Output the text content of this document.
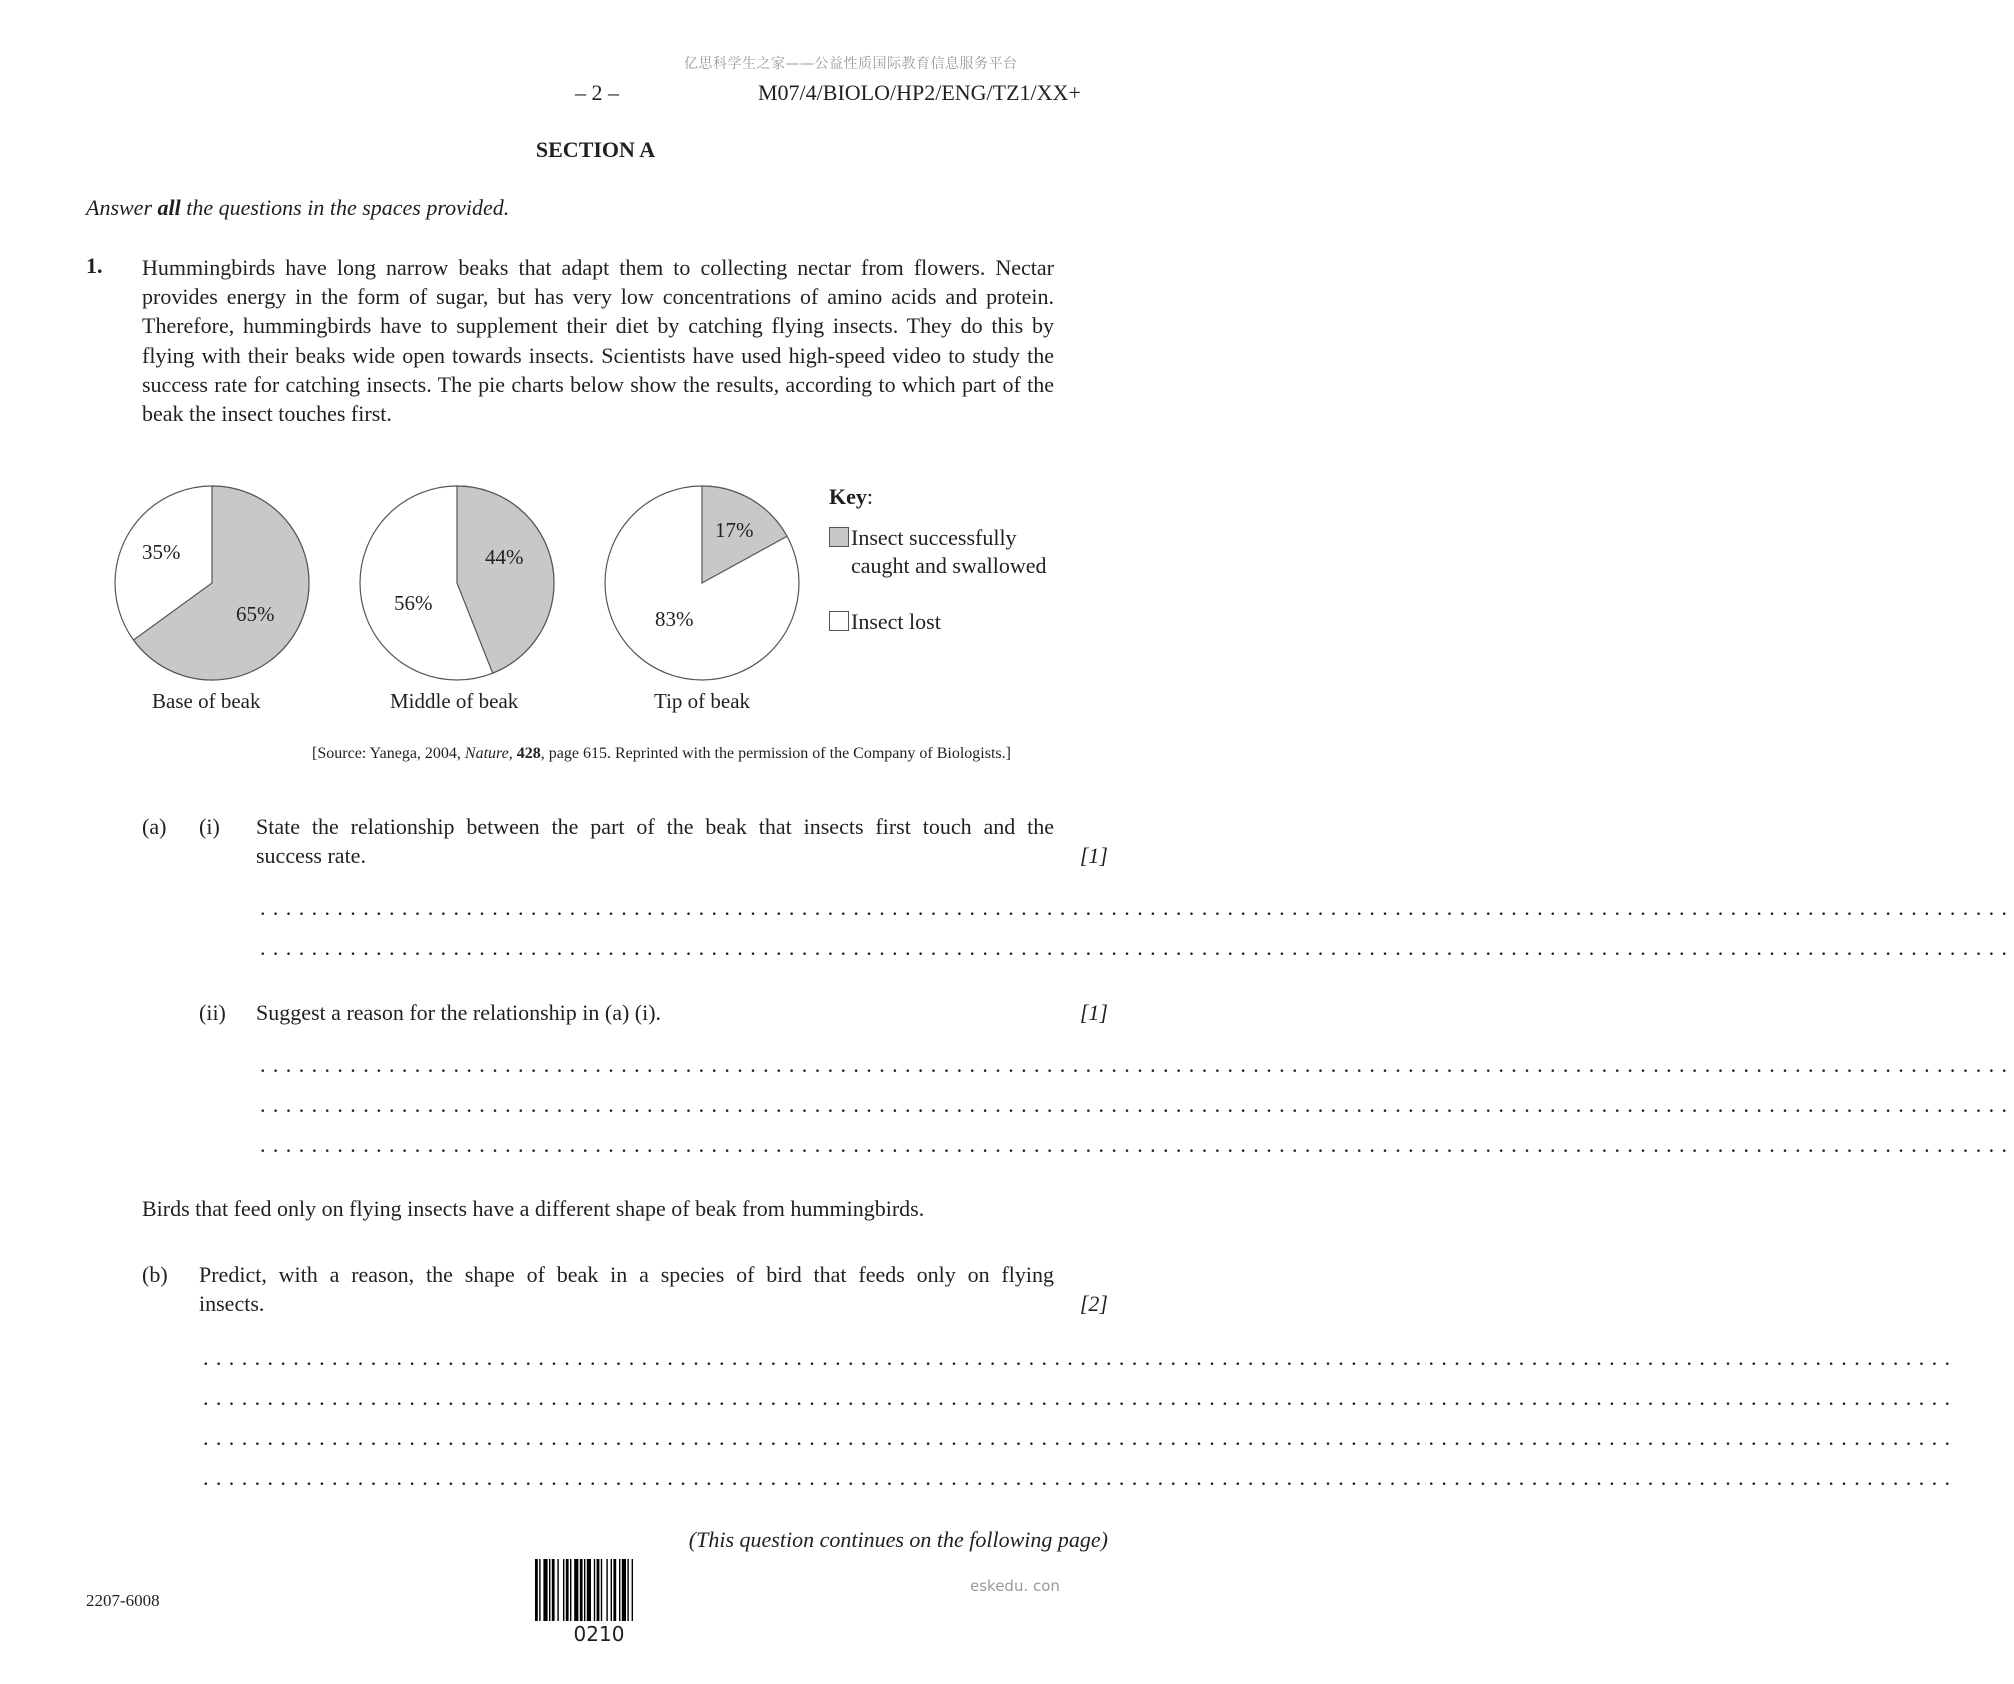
亿思科学生之家——公益性质国际教育信息服务平台
– 2 –	M07/4/BIOLO/HP2/ENG/TZ1/XX+
SECTION A
Answer all the questions in the spaces provided.
1. Hummingbirds have long narrow beaks that adapt them to collecting nectar from flowers. Nectar provides energy in the form of sugar, but has very low concentrations of amino acids and protein. Therefore, hummingbirds have to supplement their diet by catching flying insects. They do this by flying with their beaks wide open towards insects. Scientists have used high-speed video to study the success rate for catching insects. The pie charts below show the results, according to which part of the beak the insect touches first.
Base of beak	Middle of beak	Tip of beak
35%
65%
44%
56%
17%
83%
Key:
Insect successfully
caught and swallowed
Insect lost
[Source: Yanega, 2004, Nature, 428, page 615. Reprinted with the permission of the Company of Biologists.]
(a) (i) State the relationship between the part of the beak that insects first touch and the
success rate.	[1]
........................................................................................................................................
........................................................................................................................................
(ii) Suggest a reason for the relationship in (a) (i).	[1]
........................................................................................................................................
........................................................................................................................................
........................................................................................................................................
Birds that feed only on flying insects have a different shape of beak from hummingbirds.
(b) Predict, with a reason, the shape of beak in a species of bird that feeds only on flying
insects.	[2]
........................................................................................................................................
........................................................................................................................................
........................................................................................................................................
........................................................................................................................................
(This question continues on the following page)
0210
2207-6008
eskedu. con
